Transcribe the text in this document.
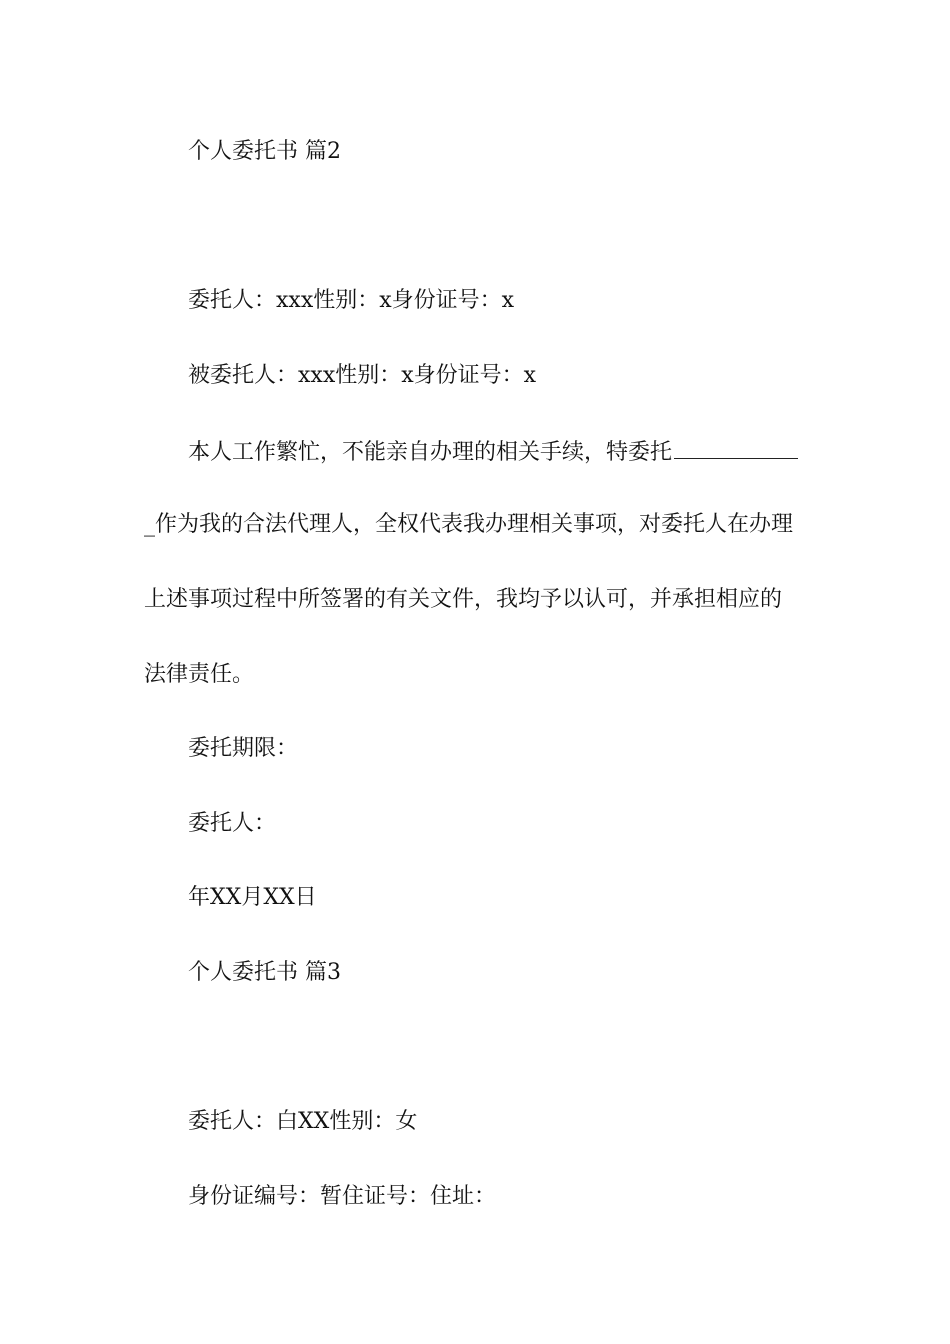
个人委托书 篇2
委托人：xxx性别：x身份证号：x
被委托人：xxx性别：x身份证号：x
本人工作繁忙，不能亲自办理的相关手续，特委托
_作为我的合法代理人，全权代表我办理相关事项，对委托人在办理
上述事项过程中所签署的有关文件，我均予以认可，并承担相应的
法律责任。
委托期限：
委托人：
年XX月XX日
个人委托书 篇3
委托人：白XX性别：女
身份证编号：暂住证号：住址：
